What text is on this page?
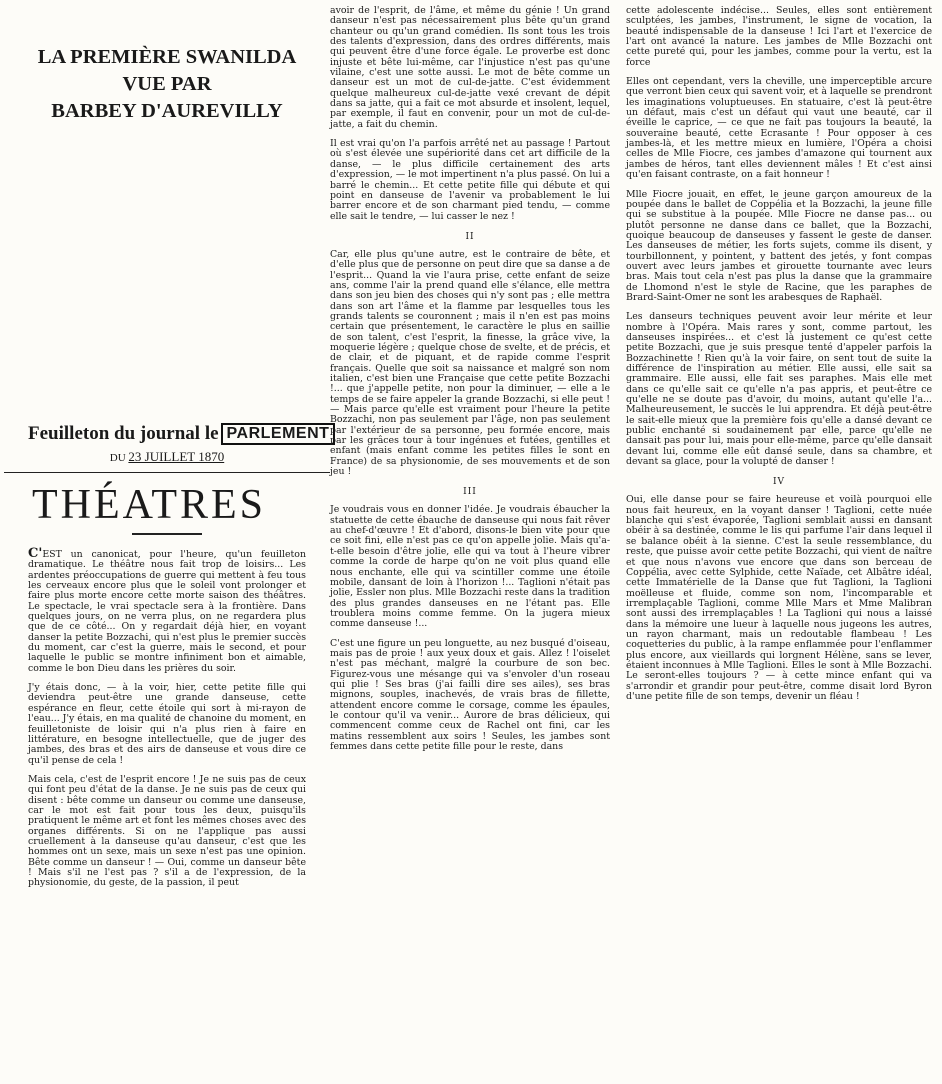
LA PREMIÈRE SWANILDA
VUE PAR
BARBEY D'AUREVILLY
Feuilleton du journal le PARLEMENT
DU 23 JUILLET 1870
THÉATRES

C'EST un canonicat, pour l'heure, qu'un feuilleton dramatique. Le théâtre nous fait trop de loisirs... Les ardentes préoccupations de guerre qui mettent à feu tous les cerveaux encore plus que le soleil vont prolonger et faire plus morte encore cette morte saison des théâtres. Le spectacle, le vrai spectacle sera à la frontière. Dans quelques jours, on ne verra plus, on ne regardera plus que de ce côté... On y regardait déjà hier, en voyant danser la petite Bozzachi, qui n'est plus le premier succès du moment, car c'est la guerre, mais le second, et pour laquelle le public se montre infiniment bon et aimable, comme le bon Dieu dans les prières du soir.

J'y étais donc, — à la voir, hier, cette petite fille qui deviendra peut-être une grande danseuse, cette espérance en fleur, cette étoile qui sort à mi-rayon de l'eau... J'y étais, en ma qualité de chanoine du moment, en feuilletoniste de loisir qui n'a plus rien à faire en littérature, en besogne intellectuelle, que de juger des jambes, des bras et des airs de danseuse et vous dire ce qu'il pense de cela !

Mais cela, c'est de l'esprit encore ! Je ne suis pas de ceux qui font peu d'état de la danse. Je ne suis pas de ceux qui disent : bête comme un danseur ou comme une danseuse, car le mot est fait pour tous les deux, puisqu'ils pratiquent le même art et font les mêmes choses avec des organes différents. Si on ne l'applique pas aussi cruellement à la danseuse qu'au danseur, c'est que les hommes ont un sexe, mais un sexe n'est pas une opinion. Bête comme un danseur ! — Oui, comme un danseur bête ! Mais s'il ne l'est pas ? s'il a de l'expression, de la physionomie, du geste, de la passion, il peut

avoir de l'esprit, de l'âme, et même du génie ! Un grand danseur n'est pas nécessairement plus bête qu'un grand chanteur ou qu'un grand comédien. Ils sont tous les trois des talents d'expression, dans des ordres différents, mais qui peuvent être d'une force égale. Le proverbe est donc injuste et bête lui-même, car l'injustice n'est pas qu'une vilaine, c'est une sotte aussi. Le mot de bête comme un danseur est un mot de cul-de-jatte. C'est évidemment quelque malheureux cul-de-jatte vexé crevant de dépit dans sa jatte, qui a fait ce mot absurde et insolent, lequel, par exemple, il faut en convenir, pour un mot de cul-de-jatte, a fait du chemin.

Il est vrai qu'on l'a parfois arrêté net au passage ! Partout où s'est élevée une supériorité dans cet art difficile de la danse, — le plus difficile certainement des arts d'expression, — le mot impertinent n'a plus passé. On lui a barré le chemin... Et cette petite fille qui débute et qui point en danseuse de l'avenir va probablement le lui barrer encore et de son charmant pied tendu, — comme elle sait le tendre, — lui casser le nez !

II

Car, elle plus qu'une autre, est le contraire de bête, et d'elle plus que de personne on peut dire que sa danse a de l'esprit... Quand la vie l'aura prise, cette enfant de seize ans, comme l'air la prend quand elle s'élance, elle mettra dans son jeu bien des choses qui n'y sont pas ; elle mettra dans son art l'âme et la flamme par lesquelles tous les grands talents se couronnent ; mais il n'en est pas moins certain que présentement, le caractère le plus en saillie de son talent, c'est l'esprit, la finesse, la grâce vive, la moquerie légère ; quelque chose de svelte, et de précis, et de clair, et de piquant, et de rapide comme l'esprit français. Quelle que soit sa naissance et malgré son nom italien, c'est bien une Française que cette petite Bozzachi !... que j'appelle petite, non pour la diminuer, — elle a le temps de se faire appeler la grande Bozzachi, si elle peut ! — Mais parce qu'elle est vraiment pour l'heure la petite Bozzachi, non pas seulement par l'âge, non pas seulement par l'extérieur de sa personne, peu formée encore, mais par les grâces tour à tour ingénues et futées, gentilles et enfant (mais enfant comme les petites filles le sont en France) de sa physionomie, de ses mouvements et de son jeu !

III

Je voudrais vous en donner l'idée. Je voudrais ébaucher la statuette de cette ébauche de danseuse qui nous fait rêver au chef-d'œuvre ! Et d'abord, disons-le bien vite pour que ce soit fini, elle n'est pas ce qu'on appelle jolie. Mais qu'a-t-elle besoin d'être jolie, elle qui va tout à l'heure vibrer comme la corde de harpe qu'on ne voit plus quand elle nous enchante, elle qui va scintiller comme une étoile mobile, dansant de loin à l'horizon !... Taglioni n'était pas jolie, Essler non plus. Mlle Bozzachi reste dans la tradition des plus grandes danseuses en ne l'étant pas. Elle troublera moins comme femme. On la jugera mieux comme danseuse !...

C'est une figure un peu longuette, au nez busqué d'oiseau, mais pas de proie ! aux yeux doux et gais. Allez ! l'oiselet n'est pas méchant, malgré la courbure de son bec. Figurez-vous une mésange qui va s'envoler d'un roseau qui plie ! Ses bras (j'ai failli dire ses ailes), ses bras mignons, souples, inachevés, de vrais bras de fillette, attendent encore comme le corsage, comme les épaules, le contour qu'il va venir... Aurore de bras délicieux, qui commencent comme ceux de Rachel ont fini, car les matins ressemblent aux soirs ! Seules, les jambes sont femmes dans cette petite fille pour le reste, dans

cette adolescente indécise... Seules, elles sont entièrement sculptées, les jambes, l'instrument, le signe de vocation, la beauté indispensable de la danseuse ! Ici l'art et l'exercice de l'art ont avancé la nature. Les jambes de Mlle Bozzachi ont cette pureté qui, pour les jambes, comme pour la vertu, est la force

Elles ont cependant, vers la cheville, une imperceptible arcure que verront bien ceux qui savent voir, et à laquelle se prendront les imaginations voluptueuses. En statuaire, c'est là peut-être un défaut, mais c'est un défaut qui vaut une beauté, car il éveille le caprice, — ce que ne fait pas toujours la beauté, la souveraine beauté, cette Ecrasante ! Pour opposer à ces jambes-là, et les mettre mieux en lumière, l'Opéra a choisi celles de Mlle Fiocre, ces jambes d'amazone qui tournent aux jambes de héros, tant elles deviennent mâles ! Et c'est ainsi qu'en faisant contraste, on a fait honneur !

Mlle Fiocre jouait, en effet, le jeune garçon amoureux de la poupée dans le ballet de Coppélia et la Bozzachi, la jeune fille qui se substitue à la poupée. Mlle Fiocre ne danse pas... ou plutôt personne ne danse dans ce ballet, que la Bozzachi, quoique beaucoup de danseuses y fassent le geste de danser. Les danseuses de métier, les forts sujets, comme ils disent, y tourbillonnent, y pointent, y battent des jetés, y font compas ouvert avec leurs jambes et girouette tournante avec leurs bras. Mais tout cela n'est pas plus la danse que la grammaire de Lhomond n'est le style de Racine, que les paraphes de Brard-Saint-Omer ne sont les arabesques de Raphaël.

Les danseurs techniques peuvent avoir leur mérite et leur nombre à l'Opéra. Mais rares y sont, comme partout, les danseuses inspirées... et c'est là justement ce qu'est cette petite Bozzachi, que je suis presque tenté d'appeler parfois la Bozzachinette ! Rien qu'à la voir faire, on sent tout de suite la différence de l'inspiration au métier. Elle aussi, elle sait sa grammaire. Elle aussi, elle fait ses paraphes. Mais elle met dans ce qu'elle sait ce qu'elle n'a pas appris, et peut-être ce qu'elle ne se doute pas d'avoir, du moins, autant qu'elle l'a... Malheureusement, le succès le lui apprendra. Et déjà peut-être le sait-elle mieux que la première fois qu'elle a dansé devant ce public enchanté si soudainement par elle, parce qu'elle ne dansait pas pour lui, mais pour elle-même, parce qu'elle dansait devant lui, comme elle eût dansé seule, dans sa chambre, et devant sa glace, pour la volupté de danser !

IV

Oui, elle danse pour se faire heureuse et voilà pourquoi elle nous fait heureux, en la voyant danser ! Taglioni, cette nuée blanche qui s'est évaporée, Taglioni semblait aussi en dansant obéir à sa destinée, comme le lis qui parfume l'air dans lequel il se balance obéit à la sienne. C'est la seule ressemblance, du reste, que puisse avoir cette petite Bozzachi, qui vient de naître et que nous n'avons vue encore que dans son berceau de Coppélia, avec cette Sylphide, cette Naïade, cet Albâtre idéal, cette Immatérielle de la Danse que fut Taglioni, la Taglioni moëlleuse et fluide, comme son nom, l'incomparable et irremplaçable Taglioni, comme Mlle Mars et Mme Malibran sont aussi des irremplaçables ! La Taglioni qui nous a laissé dans la mémoire une lueur à laquelle nous jugeons les autres, un rayon charmant, mais un redoutable flambeau ! Les coquetteries du public, à la rampe enflammée pour l'enflammer plus encore, aux vieillards qui lorgnent Hélène, sans se lever, étaient inconnues à Mlle Taglioni. Elles le sont à Mlle Bozzachi. Le seront-elles toujours ? — à cette mince enfant qui va s'arrondir et grandir pour peut-être, comme disait lord Byron d'une petite fille de son temps, devenir un fléau !
